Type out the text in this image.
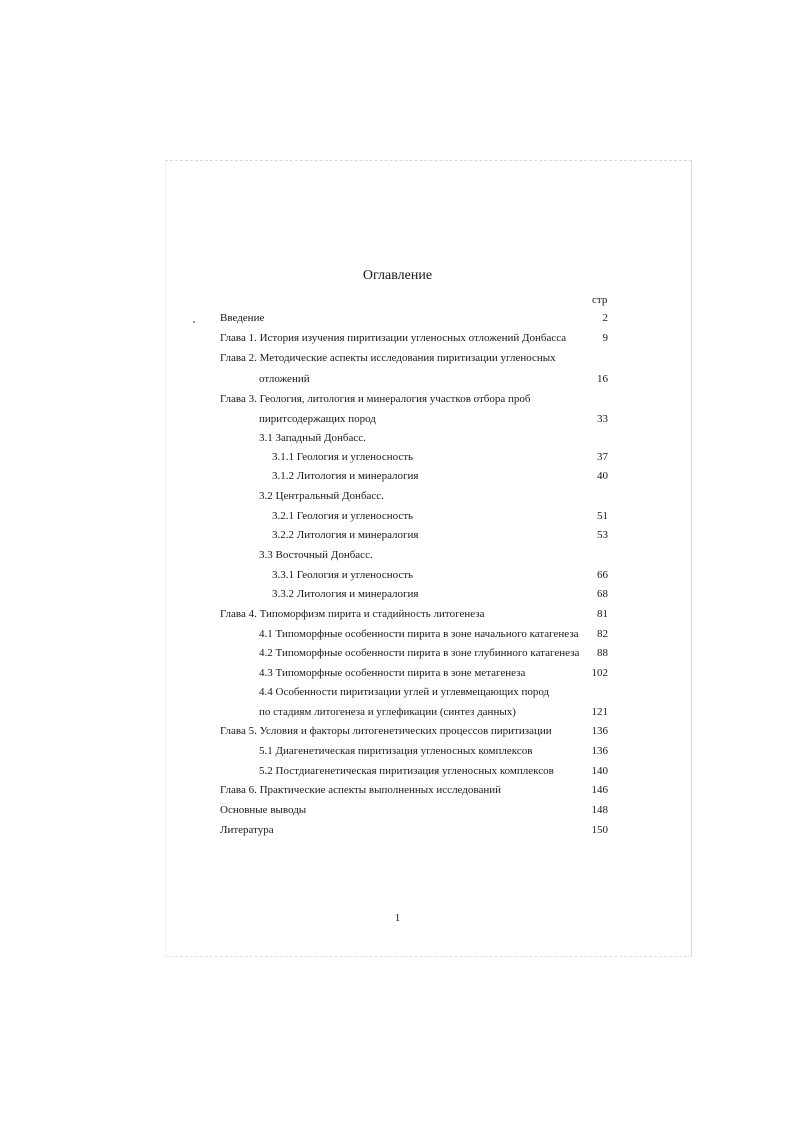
Оглавление
стр
Введение	2
Глава 1. История изучения пиритизации угленосных отложений Донбасса	9
Глава 2. Методические аспекты исследования пиритизации угленосных
отложений	16
Глава 3. Геология, литология и минералогия участков отбора проб
пиритсодержащих пород	33
3.1 Западный Донбасс.
3.1.1 Геология и угленосность	37
3.1.2 Литология и минералогия	40
3.2 Центральный Донбасс.
3.2.1 Геология и угленосность	51
3.2.2 Литология и минералогия	53
3.3 Восточный Донбасс.
3.3.1 Геология и угленосность	66
3.3.2 Литология и минералогия	68
Глава 4. Типоморфизм пирита и стадийность литогенеза	81
4.1 Типоморфные особенности пирита в зоне начального катагенеза 82
4.2 Типоморфные особенности пирита в зоне глубинного катагенеза 88
4.3 Типоморфные особенности пирита в зоне метагенеза	102
4.4 Особенности пиритизации углей и углевмещающих пород
по стадиям литогенеза и углефикации (синтез данных)	121
Глава 5. Условия и факторы литогенетических процессов пиритизации	136
5.1 Диагенетическая пиритизация угленосных комплексов	136
5.2 Постдиагенетическая пиритизация угленосных комплексов	140
Глава 6. Практические аспекты выполненных исследований	146
Основные выводы	148
Литература	150
1
